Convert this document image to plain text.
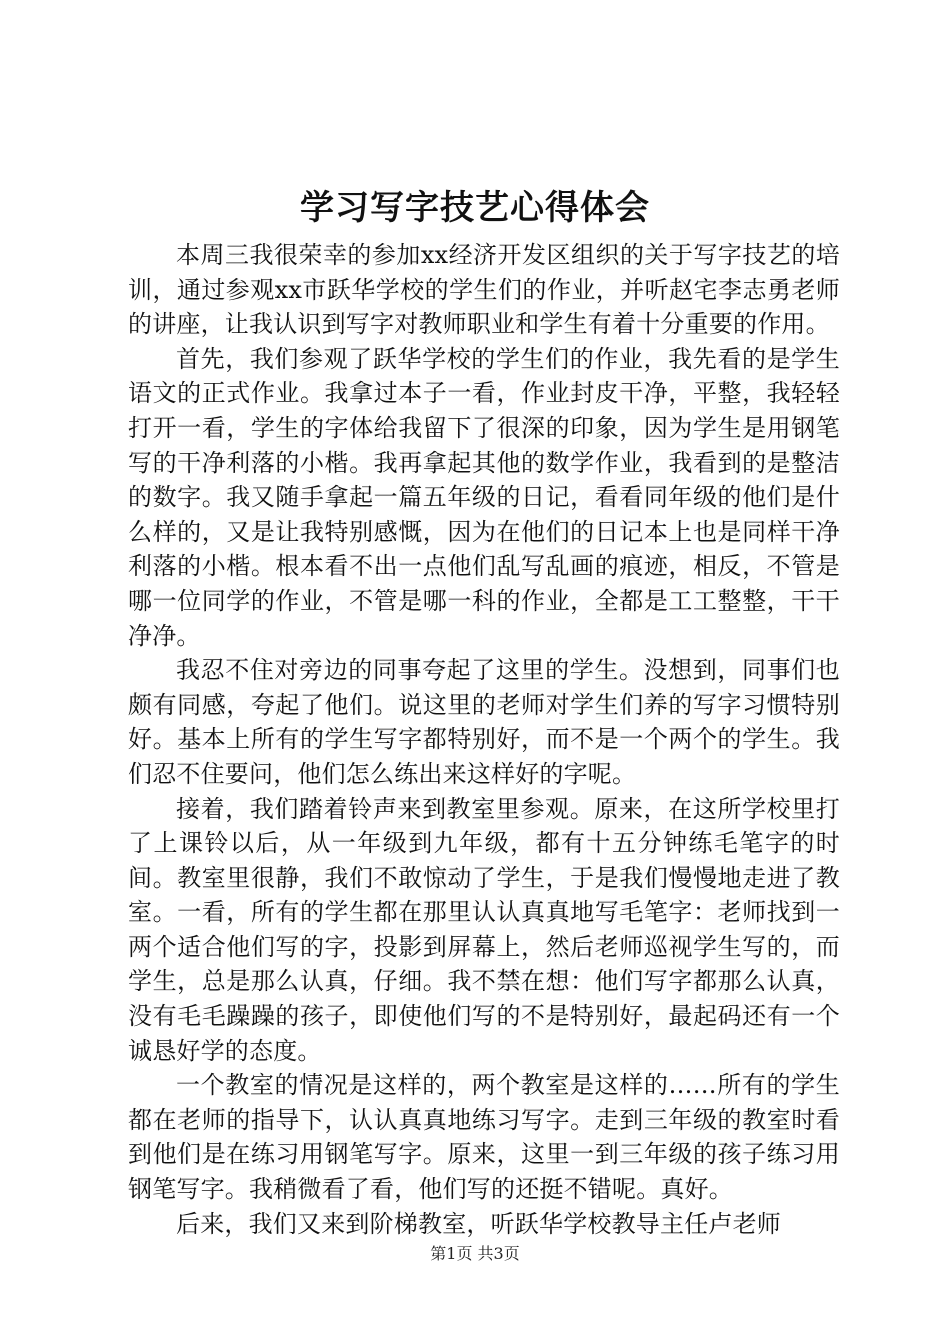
学习写字技艺心得体会

本周三我很荣幸的参加xx经济开发区组织的关于写字技艺的培训，通过参观xx市跃华学校的学生们的作业，并听赵宅李志勇老师的讲座，让我认识到写字对教师职业和学生有着十分重要的作用。

首先，我们参观了跃华学校的学生们的作业，我先看的是学生语文的正式作业。我拿过本子一看，作业封皮干净，平整，我轻轻打开一看，学生的字体给我留下了很深的印象，因为学生是用钢笔写的干净利落的小楷。我再拿起其他的数学作业，我看到的是整洁的数字。我又随手拿起一篇五年级的日记，看看同年级的他们是什么样的，又是让我特别感慨，因为在他们的日记本上也是同样干净利落的小楷。根本看不出一点他们乱写乱画的痕迹，相反，不管是哪一位同学的作业，不管是哪一科的作业，全都是工工整整，干干净净。

我忍不住对旁边的同事夸起了这里的学生。没想到，同事们也颇有同感，夸起了他们。说这里的老师对学生们养的写字习惯特别好。基本上所有的学生写字都特别好，而不是一个两个的学生。我们忍不住要问，他们怎么练出来这样好的字呢。

接着，我们踏着铃声来到教室里参观。原来，在这所学校里打了上课铃以后，从一年级到九年级，都有十五分钟练毛笔字的时间。教室里很静，我们不敢惊动了学生，于是我们慢慢地走进了教室。一看，所有的学生都在那里认认真真地写毛笔字：老师找到一两个适合他们写的字，投影到屏幕上，然后老师巡视学生写的，而学生，总是那么认真，仔细。我不禁在想：他们写字都那么认真，没有毛毛躁躁的孩子，即使他们写的不是特别好，最起码还有一个诚恳好学的态度。

一个教室的情况是这样的，两个教室是这样的……所有的学生都在老师的指导下，认认真真地练习写字。走到三年级的教室时看到他们是在练习用钢笔写字。原来，这里一到三年级的孩子练习用钢笔写字。我稍微看了看，他们写的还挺不错呢。真好。

后来，我们又来到阶梯教室，听跃华学校教导主任卢老师

第1页 共3页
